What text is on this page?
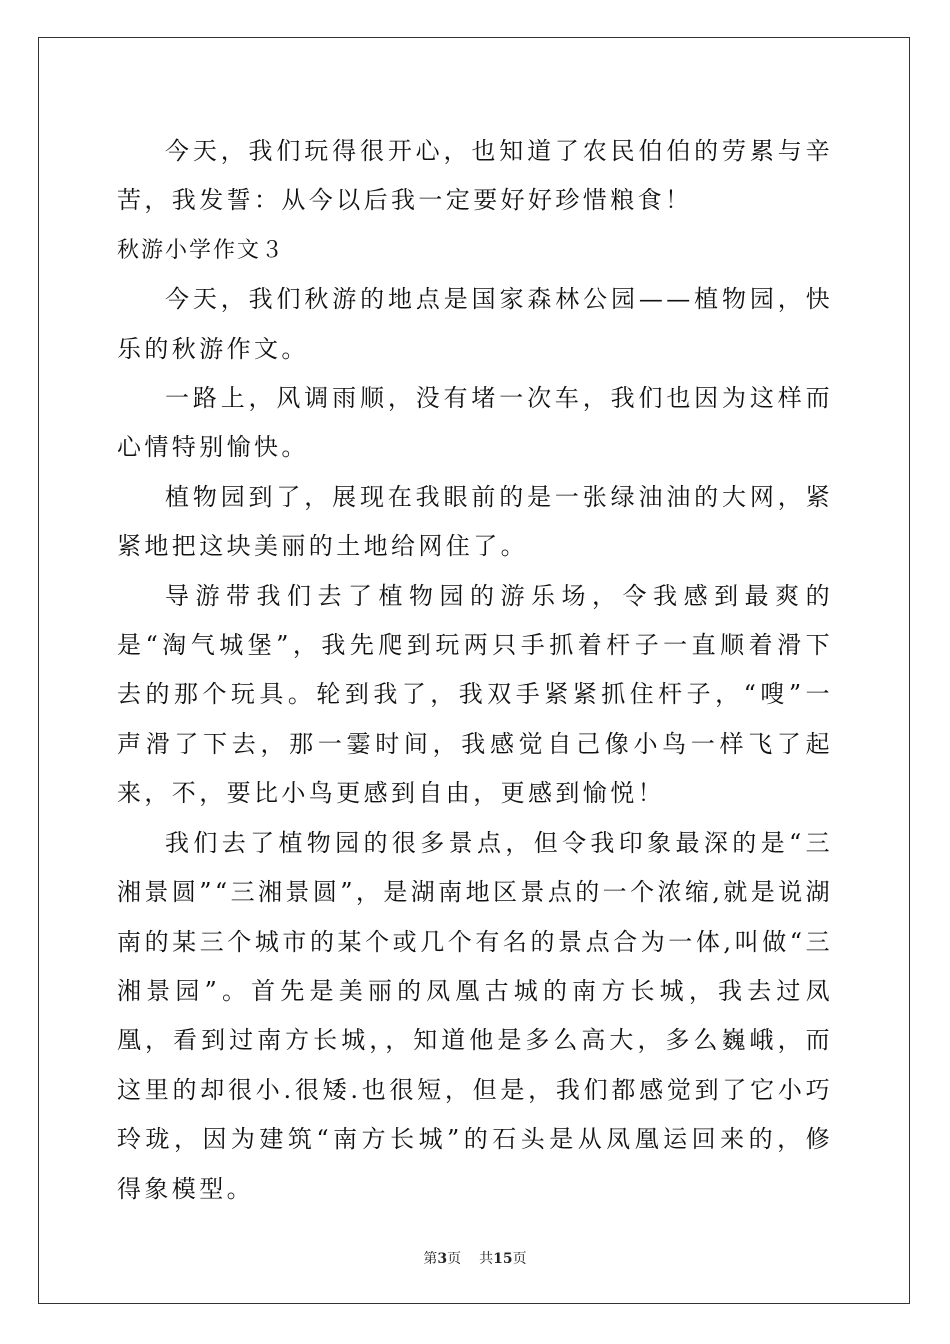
今天，我们玩得很开心，也知道了农民伯伯的劳累与辛苦，我发誓：从今以后我一定要好好珍惜粮食！

秋游小学作文３

今天，我们秋游的地点是国家森林公园——植物园，快乐的秋游作文。

一路上，风调雨顺，没有堵一次车，我们也因为这样而心情特别愉快。

植物园到了，展现在我眼前的是一张绿油油的大网，紧紧地把这块美丽的土地给网住了。

导游带我们去了植物园的游乐场，令我感到最爽的是“淘气城堡”，我先爬到玩两只手抓着杆子一直顺着滑下去的那个玩具。轮到我了，我双手紧紧抓住杆子，“嗖”一声滑了下去，那一霎时间，我感觉自己像小鸟一样飞了起来，不，要比小鸟更感到自由，更感到愉悦！

我们去了植物园的很多景点，但令我印象最深的是“三湘景圆”“三湘景圆”，是湖南地区景点的一个浓缩,就是说湖南的某三个城市的某个或几个有名的景点合为一体,叫做“三湘景园”。首先是美丽的凤凰古城的南方长城，我去过凤凰，看到过南方长城，，知道他是多么高大，多么巍峨，而这里的却很小.很矮.也很短，但是，我们都感觉到了它小巧玲珑，因为建筑“南方长城”的石头是从凤凰运回来的，修得象模型。

第3页 共15页
